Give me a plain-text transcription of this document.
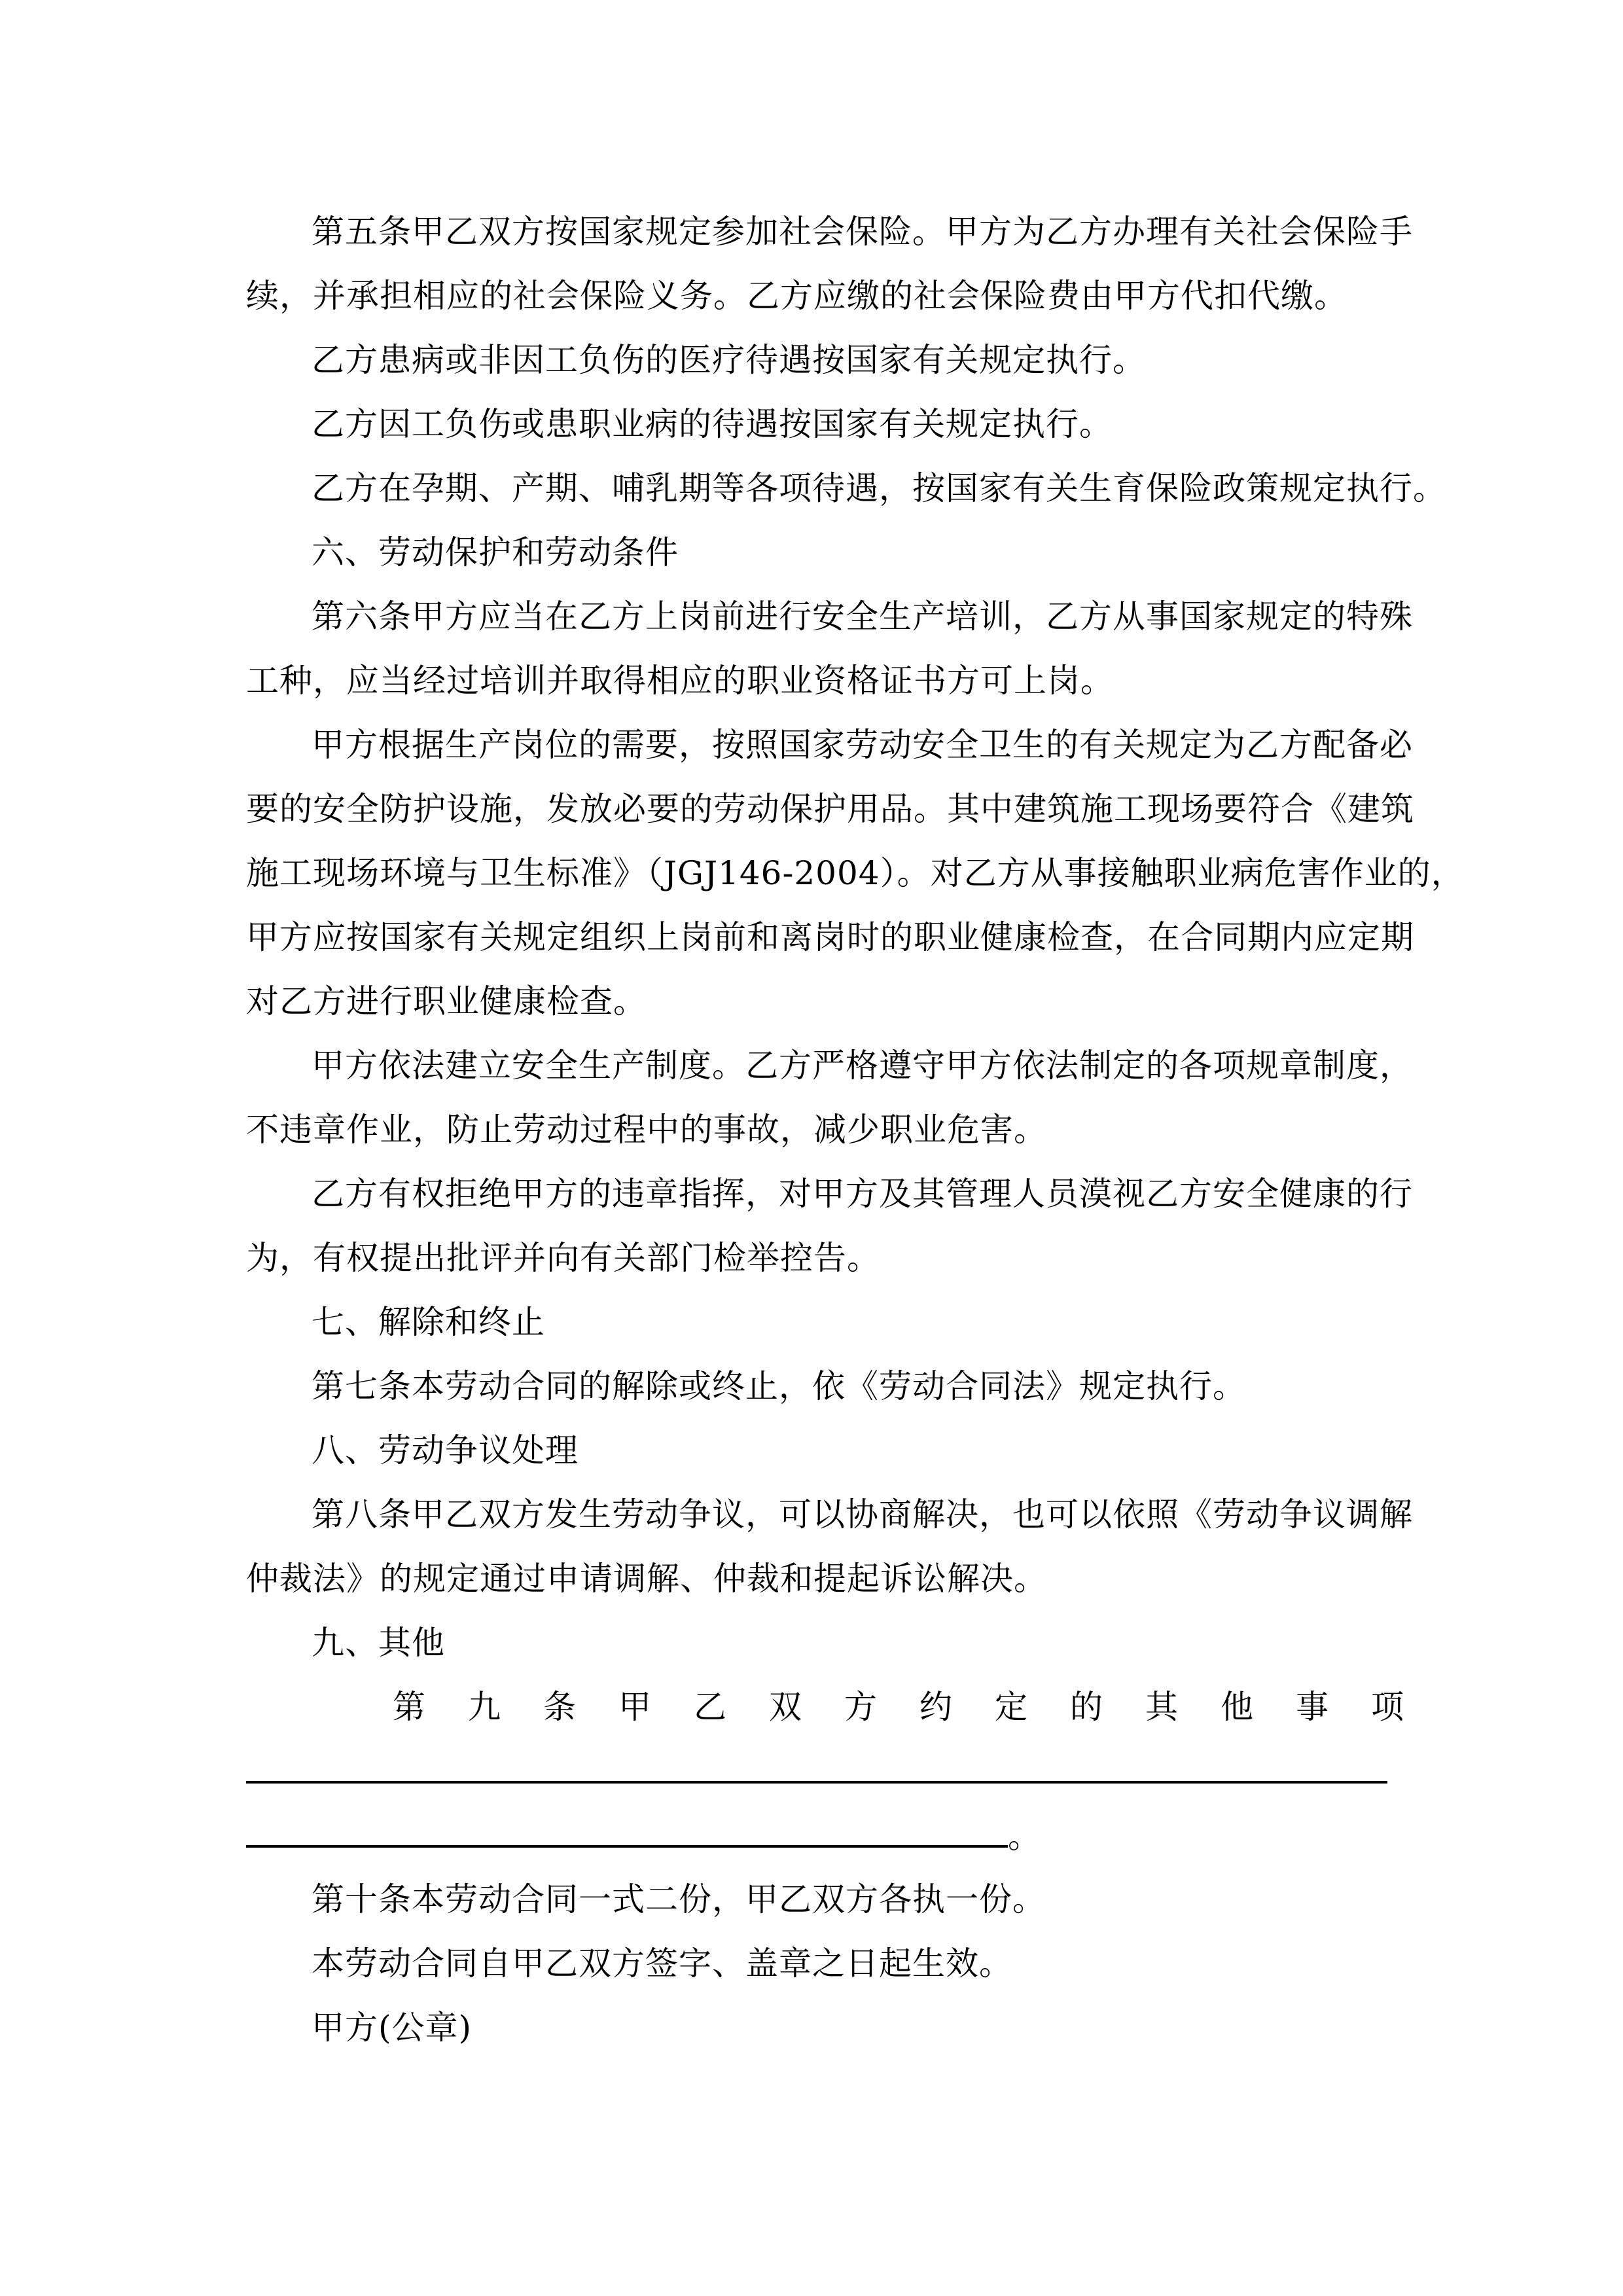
第五条甲乙双方按国家规定参加社会保险。甲方为乙方办理有关社会保险手
续，并承担相应的社会保险义务。乙方应缴的社会保险费由甲方代扣代缴。
乙方患病或非因工负伤的医疗待遇按国家有关规定执行。
乙方因工负伤或患职业病的待遇按国家有关规定执行。
乙方在孕期、产期、哺乳期等各项待遇，按国家有关生育保险政策规定执行。
六、劳动保护和劳动条件
第六条甲方应当在乙方上岗前进行安全生产培训，乙方从事国家规定的特殊
工种，应当经过培训并取得相应的职业资格证书方可上岗。
甲方根据生产岗位的需要，按照国家劳动安全卫生的有关规定为乙方配备必
要的安全防护设施，发放必要的劳动保护用品。其中建筑施工现场要符合《建筑
施工现场环境与卫生标准》（JGJ146-2004）。对乙方从事接触职业病危害作业的，
甲方应按国家有关规定组织上岗前和离岗时的职业健康检查，在合同期内应定期
对乙方进行职业健康检查。
甲方依法建立安全生产制度。乙方严格遵守甲方依法制定的各项规章制度，
不违章作业，防止劳动过程中的事故，减少职业危害。
乙方有权拒绝甲方的违章指挥，对甲方及其管理人员漠视乙方安全健康的行
为，有权提出批评并向有关部门检举控告。
七、解除和终止
第七条本劳动合同的解除或终止，依《劳动合同法》规定执行。
八、劳动争议处理
第八条甲乙双方发生劳动争议，可以协商解决，也可以依照《劳动争议调解
仲裁法》的规定通过申请调解、仲裁和提起诉讼解决。
九、其他
第九条甲乙双方约定的其他事项
。
第十条本劳动合同一式二份，甲乙双方各执一份。
本劳动合同自甲乙双方签字、盖章之日起生效。
甲方(公章)
